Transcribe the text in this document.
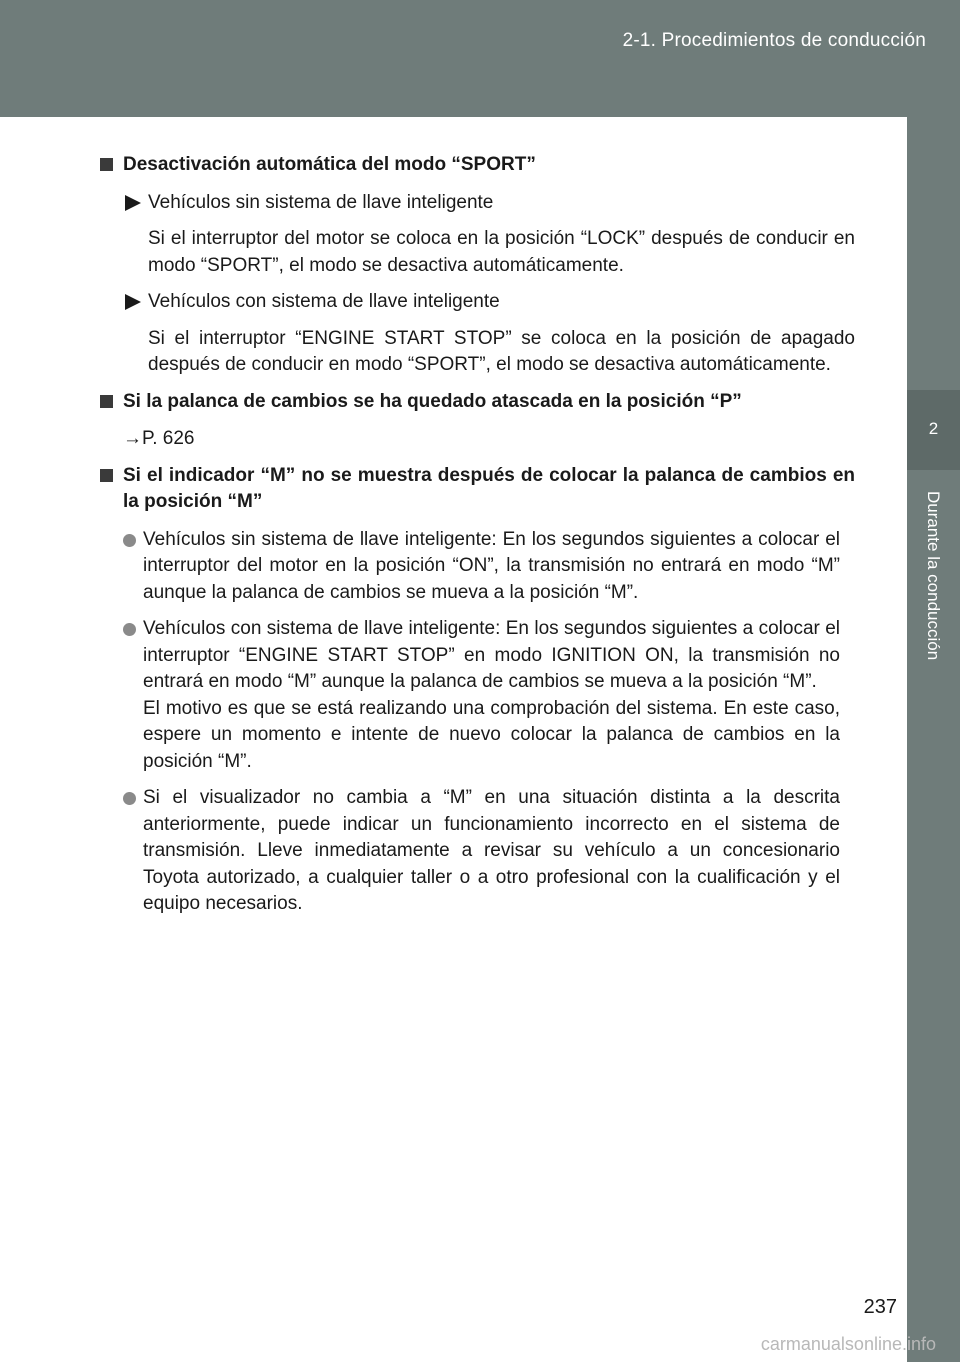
2-1. Procedimientos de conducción
2
Durante la conducción
Desactivación automática del modo “SPORT”
Vehículos sin sistema de llave inteligente
Si el interruptor del motor se coloca en la posición “LOCK” después de conducir en modo “SPORT”, el modo se desactiva automáticamente.
Vehículos con sistema de llave inteligente
Si el interruptor “ENGINE START STOP” se coloca en la posición de apagado después de conducir en modo “SPORT”, el modo se desactiva automáticamente.
Si la palanca de cambios se ha quedado atascada en la posición “P”
→P. 626
Si el indicador “M” no se muestra después de colocar la palanca de cambios en la posición “M”
Vehículos sin sistema de llave inteligente: En los segundos siguientes a colocar el interruptor del motor en la posición “ON”, la transmisión no entrará en modo “M” aunque la palanca de cambios se mueva a la posición “M”.
Vehículos con sistema de llave inteligente: En los segundos siguientes a colocar el interruptor “ENGINE START STOP” en modo IGNITION ON, la transmisión no entrará en modo “M” aunque la palanca de cambios se mueva a la posición “M”.
El motivo es que se está realizando una comprobación del sistema. En este caso, espere un momento e intente de nuevo colocar la palanca de cambios en la posición “M”.
Si el visualizador no cambia a “M” en una situación distinta a la descrita anteriormente, puede indicar un funcionamiento incorrecto en el sistema de transmisión. Lleve inmediatamente a revisar su vehículo a un concesionario Toyota autorizado, a cualquier taller o a otro profesional con la cualificación y el equipo necesarios.
237
carmanualsonline.info
